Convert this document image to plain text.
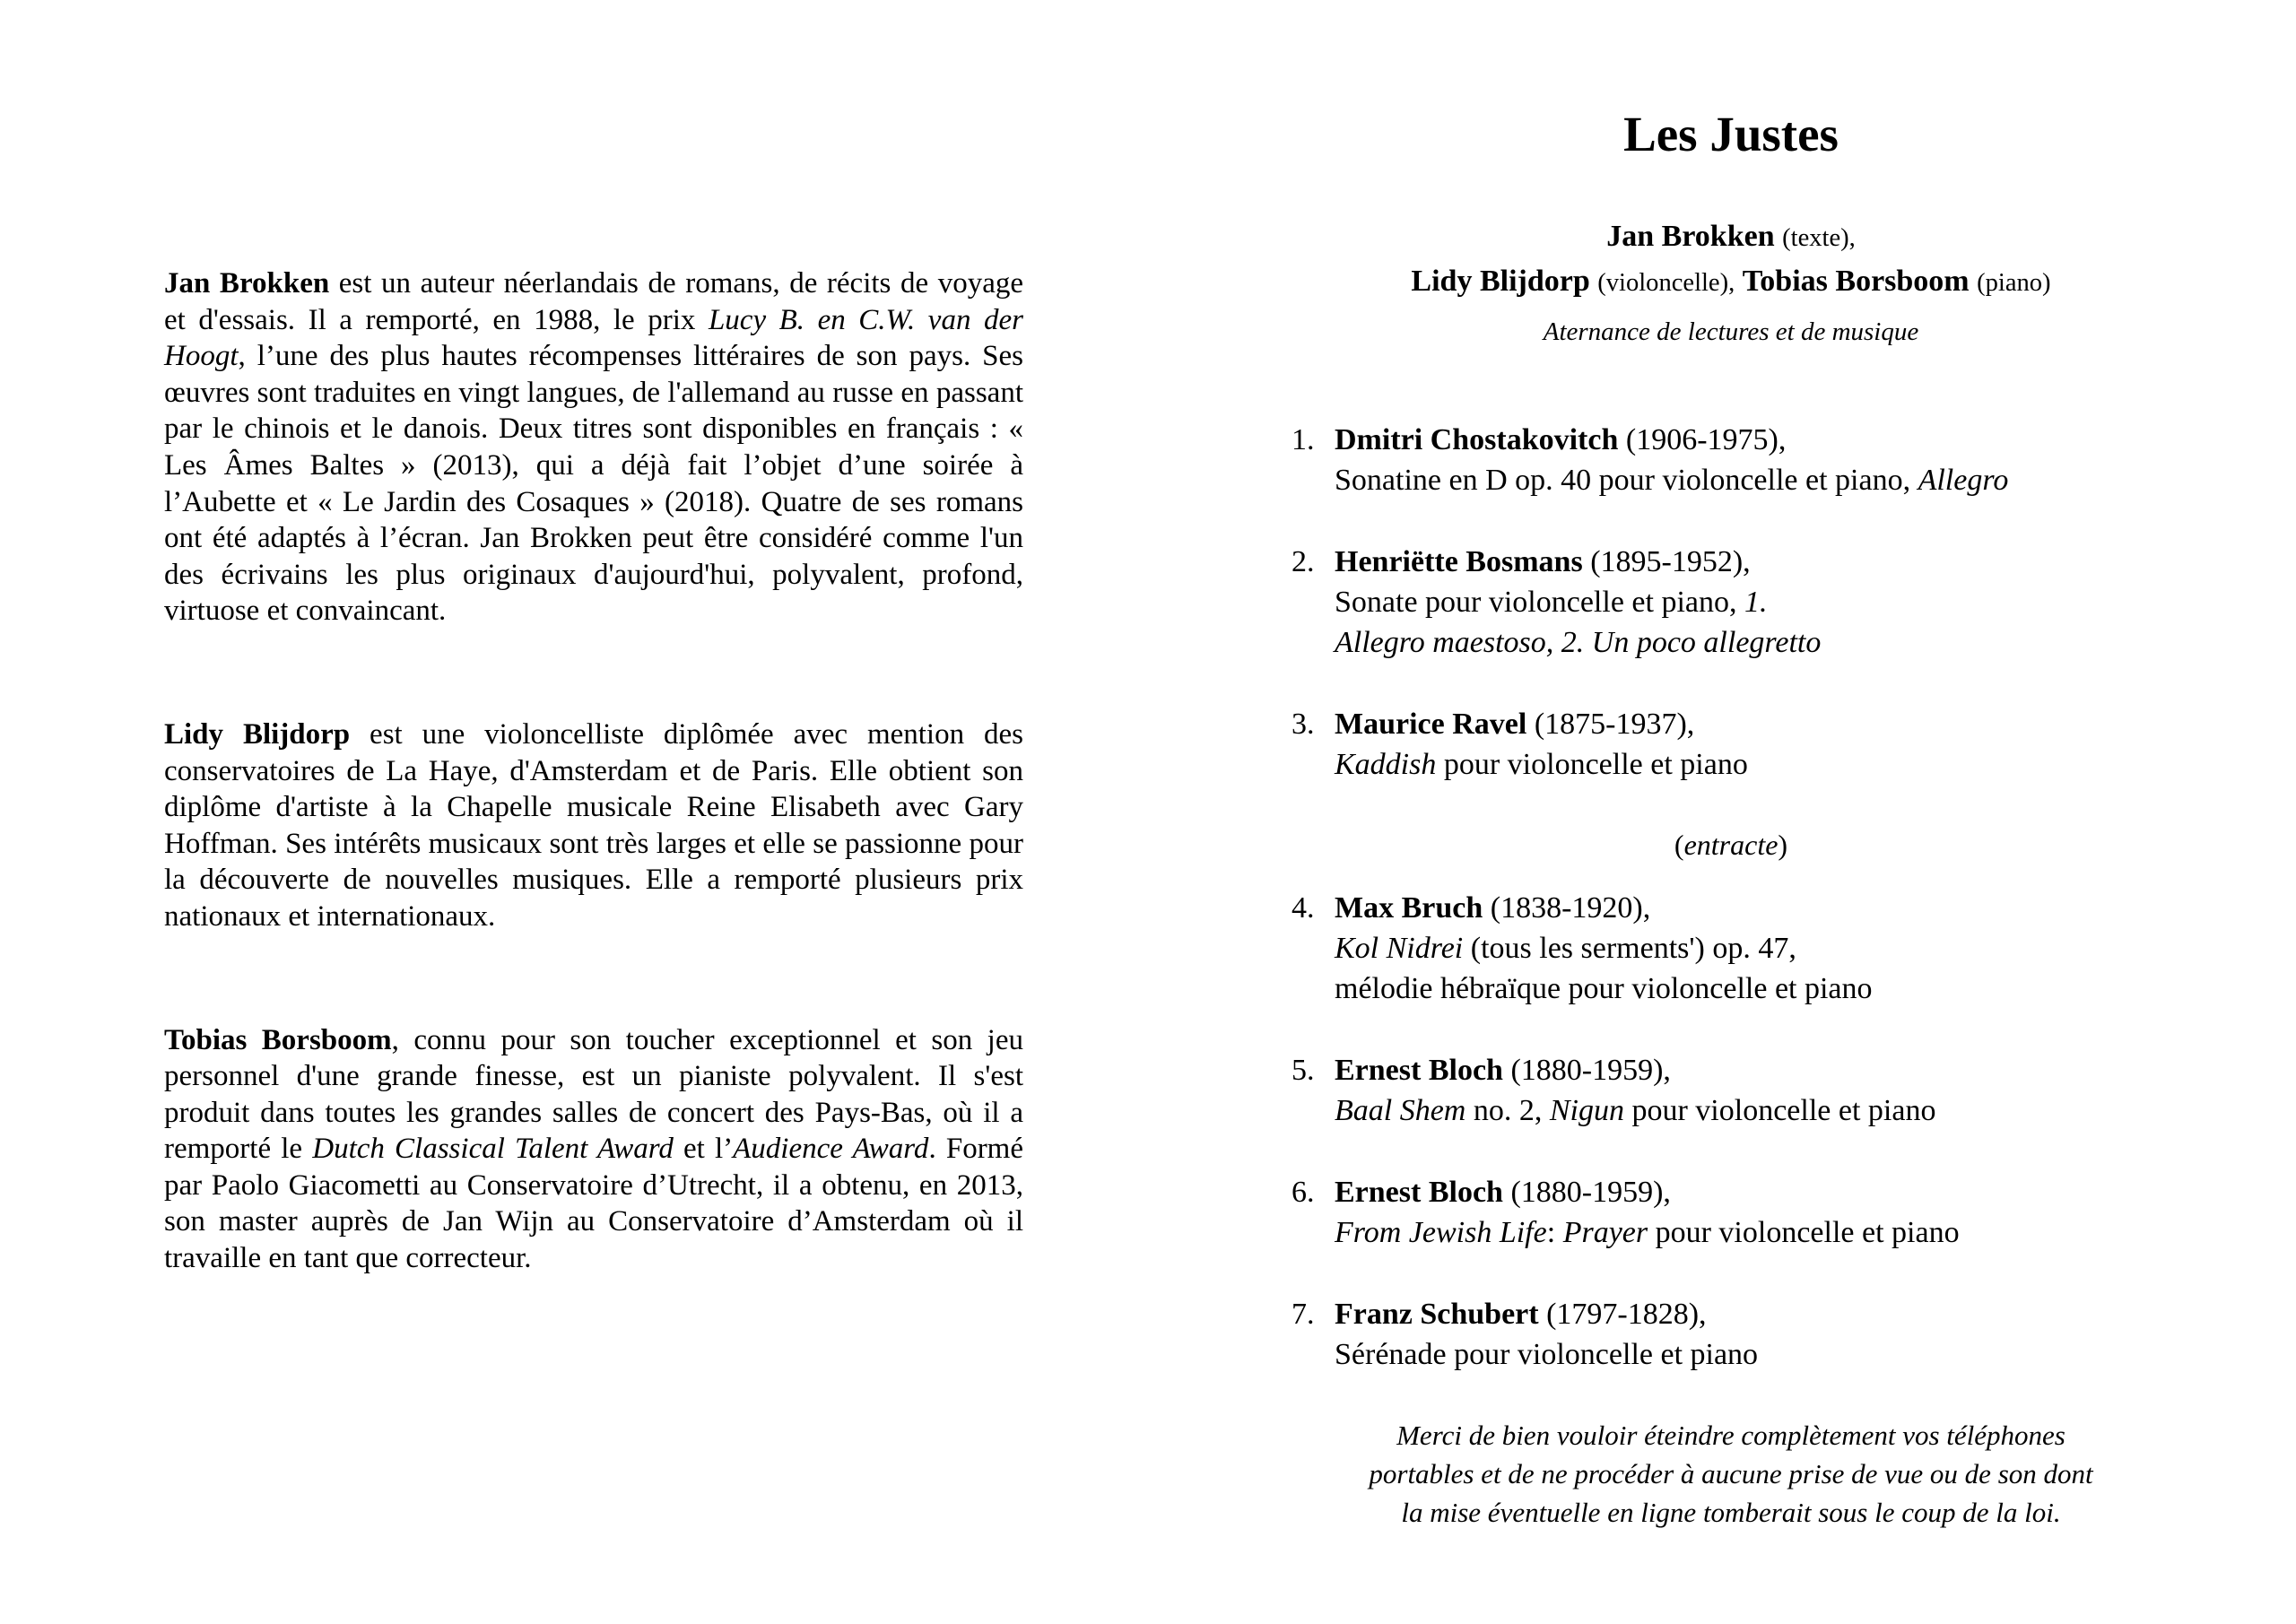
Jan Brokken est un auteur néerlandais de romans, de récits de voyage et d'essais. Il a remporté, en 1988, le prix Lucy B. en C.W. van der Hoogt, l’une des plus hautes récompenses littéraires de son pays. Ses œuvres sont traduites en vingt langues, de l'allemand au russe en passant par le chinois et le danois. Deux titres sont disponibles en français : « Les Âmes Baltes » (2013), qui a déjà fait l’objet d’une soirée à l’Aubette et « Le Jardin des Cosaques » (2018). Quatre de ses romans ont été adaptés à l’écran. Jan Brokken peut être considéré comme l'un des écrivains les plus originaux d'aujourd'hui, polyvalent, profond, virtuose et convaincant.
Lidy Blijdorp est une violoncelliste diplômée avec mention des conservatoires de La Haye, d'Amsterdam et de Paris. Elle obtient son diplôme d'artiste à la Chapelle musicale Reine Elisabeth avec Gary Hoffman. Ses intérêts musicaux sont très larges et elle se passionne pour la découverte de nouvelles musiques. Elle a remporté plusieurs prix nationaux et internationaux.
Tobias Borsboom, connu pour son toucher exceptionnel et son jeu personnel d'une grande finesse, est un pianiste polyvalent. Il s'est produit dans toutes les grandes salles de concert des Pays-Bas, où il a remporté le Dutch Classical Talent Award et l’Audience Award. Formé par Paolo Giacometti au Conservatoire d’Utrecht, il a obtenu, en 2013, son master auprès de Jan Wijn au Conservatoire d’Amsterdam où il travaille en tant que correcteur.
Les Justes
Jan Brokken (texte),
Lidy Blijdorp (violoncelle), Tobias Borsboom (piano)
Aternance de lectures et de musique
1. Dmitri Chostakovitch (1906-1975),
Sonatine en D op. 40 pour violoncelle et piano, Allegro
2. Henriëtte Bosmans (1895-1952),
Sonate pour violoncelle et piano, 1.
Allegro maestoso, 2. Un poco allegretto
3. Maurice Ravel (1875-1937),
Kaddish pour violoncelle et piano
(entracte)
4. Max Bruch (1838-1920),
Kol Nidrei (tous les serments') op. 47,
mélodie hébraïque pour violoncelle et piano
5. Ernest Bloch (1880-1959),
Baal Shem no. 2, Nigun pour violoncelle et piano
6. Ernest Bloch (1880-1959),
From Jewish Life: Prayer pour violoncelle et piano
7. Franz Schubert (1797-1828),
Sérénade pour violoncelle et piano
Merci de bien vouloir éteindre complètement vos téléphones
portables et de ne procéder à aucune prise de vue ou de son dont
la mise éventuelle en ligne tomberait sous le coup de la loi.
